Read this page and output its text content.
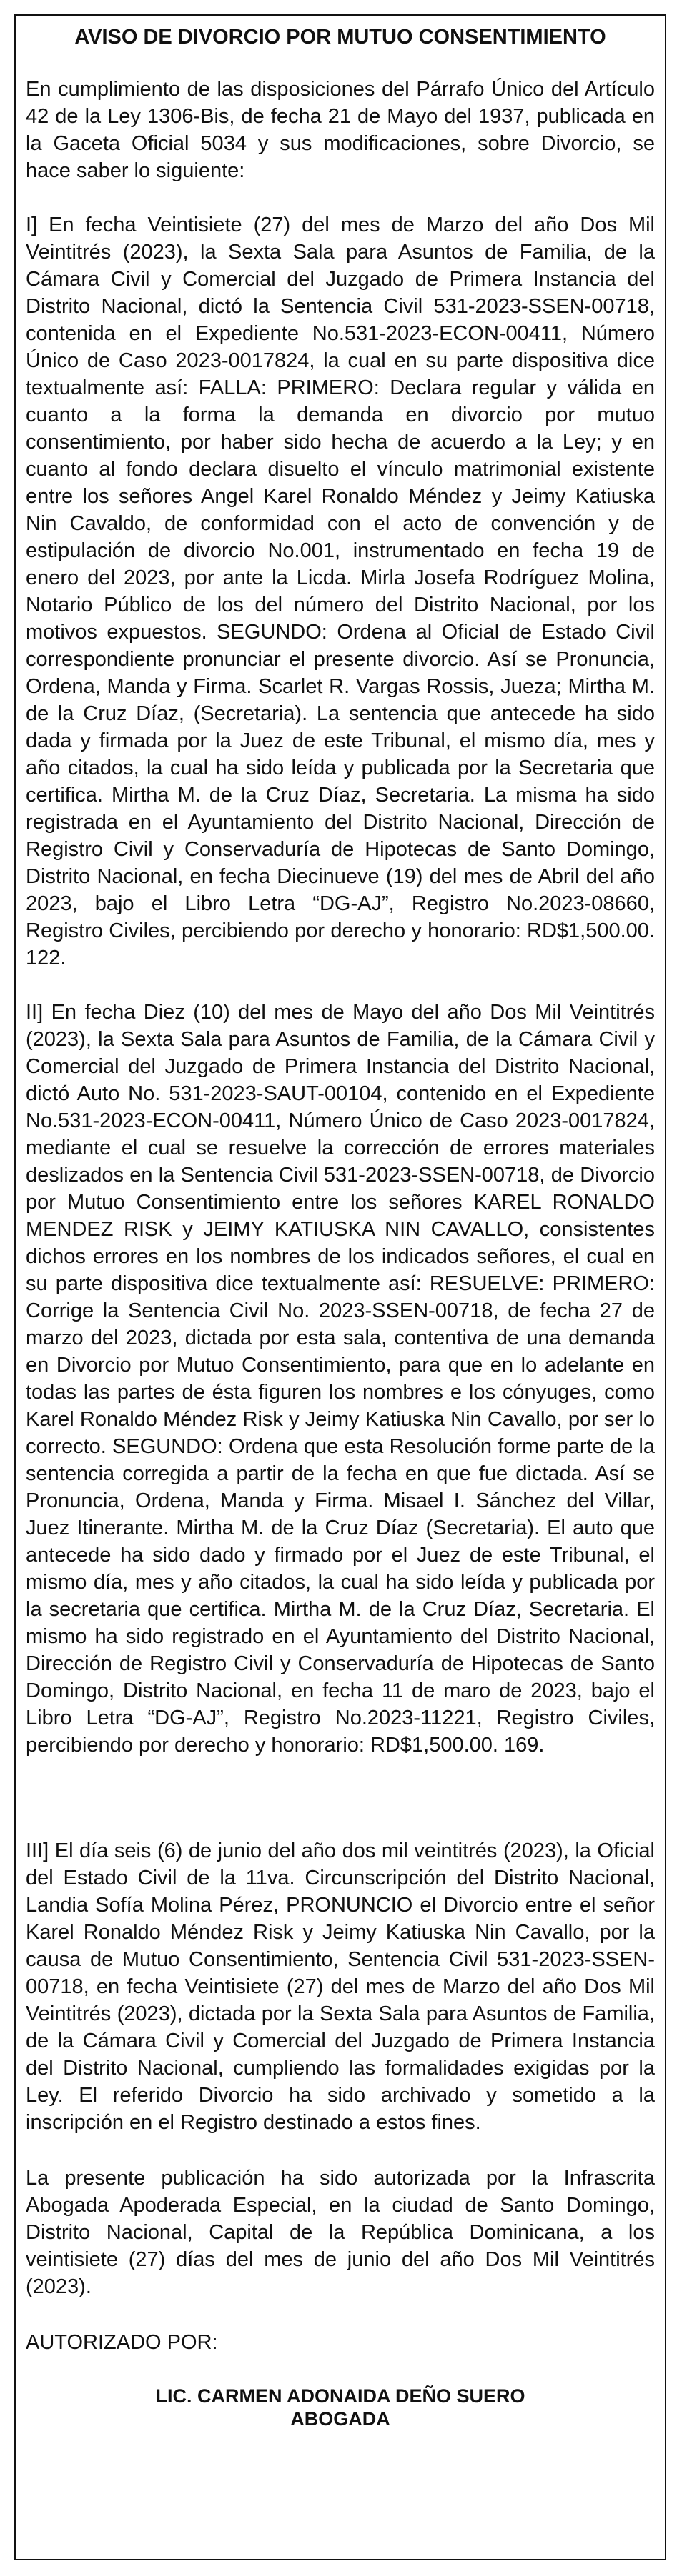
AVISO DE DIVORCIO POR MUTUO CONSENTIMIENTO

En cumplimiento de las disposiciones del Párrafo Único del Artículo 42 de la Ley 1306-Bis, de fecha 21 de Mayo del 1937, publicada en la Gaceta Oficial 5034 y sus modificaciones, sobre Divorcio, se hace saber lo siguiente:

I] En fecha Veintisiete (27) del mes de Marzo del año Dos Mil Veintitrés (2023), la Sexta Sala para Asuntos de Familia, de la Cámara Civil y Comercial del Juzgado de Primera Instancia del Distrito Nacional, dictó la Sentencia Civil 531-2023-SSEN-00718, contenida en el Expediente No.531-2023-ECON-00411, Número Único de Caso 2023-0017824, la cual en su parte dispositiva dice textualmente así: FALLA: PRIMERO: Declara regular y válida en cuanto a la forma la demanda en divorcio por mutuo consentimiento, por haber sido hecha de acuerdo a la Ley; y en cuanto al fondo declara disuelto el vínculo matrimonial existente entre los señores Angel Karel Ronaldo Méndez y Jeimy Katiuska Nin Cavaldo, de conformidad con el acto de convención y de estipulación de divorcio No.001, instrumentado en fecha 19 de enero del 2023, por ante la Licda. Mirla Josefa Rodríguez Molina, Notario Público de los del número del Distrito Nacional, por los motivos expuestos. SEGUNDO: Ordena al Oficial de Estado Civil correspondiente pronunciar el presente divorcio. Así se Pronuncia, Ordena, Manda y Firma. Scarlet R. Vargas Rossis, Jueza; Mirtha M. de la Cruz Díaz, (Secretaria). La sentencia que antecede ha sido dada y firmada por la Juez de este Tribunal, el mismo día, mes y año citados, la cual ha sido leída y publicada por la Secretaria que certifica. Mirtha M. de la Cruz Díaz, Secretaria. La misma ha sido registrada en el Ayuntamiento del Distrito Nacional, Dirección de Registro Civil y Conservaduría de Hipotecas de Santo Domingo, Distrito Nacional, en fecha Diecinueve (19) del mes de Abril del año 2023, bajo el Libro Letra “DG-AJ”, Registro No.2023-08660, Registro Civiles, percibiendo por derecho y honorario: RD$1,500.00. 122.

II] En fecha Diez (10) del mes de Mayo del año Dos Mil Veintitrés (2023), la Sexta Sala para Asuntos de Familia, de la Cámara Civil y Comercial del Juzgado de Primera Instancia del Distrito Nacional, dictó Auto No. 531-2023-SAUT-00104, contenido en el Expediente No.531-2023-ECON-00411, Número Único de Caso 2023-0017824, mediante el cual se resuelve la corrección de errores materiales deslizados en la Sentencia Civil 531-2023-SSEN-00718, de Divorcio por Mutuo Consentimiento entre los señores KAREL RONALDO MENDEZ RISK y JEIMY KATIUSKA NIN CAVALLO, consistentes dichos errores en los nombres de los indicados señores, el cual en su parte dispositiva dice textualmente así: RESUELVE: PRIMERO: Corrige la Sentencia Civil No. 2023-SSEN-00718, de fecha 27 de marzo del 2023, dictada por esta sala, contentiva de una demanda en Divorcio por Mutuo Consentimiento, para que en lo adelante en todas las partes de ésta figuren los nombres e los cónyuges, como Karel Ronaldo Méndez Risk y Jeimy Katiuska Nin Cavallo, por ser lo correcto. SEGUNDO: Ordena que esta Resolución forme parte de la sentencia corregida a partir de la fecha en que fue dictada. Así se Pronuncia, Ordena, Manda y Firma. Misael I. Sánchez del Villar, Juez Itinerante. Mirtha M. de la Cruz Díaz (Secretaria). El auto que antecede ha sido dado y firmado por el Juez de este Tribunal, el mismo día, mes y año citados, la cual ha sido leída y publicada por la secretaria que certifica. Mirtha M. de la Cruz Díaz, Secretaria. El mismo ha sido registrado en el Ayuntamiento del Distrito Nacional, Dirección de Registro Civil y Conservaduría de Hipotecas de Santo Domingo, Distrito Nacional, en fecha 11 de maro de 2023, bajo el Libro Letra “DG-AJ”, Registro No.2023-11221, Registro Civiles, percibiendo por derecho y honorario: RD$1,500.00. 169.

III] El día seis (6) de junio del año dos mil veintitrés (2023), la Oficial del Estado Civil de la 11va. Circunscripción del Distrito Nacional, Landia Sofía Molina Pérez, PRONUNCIO el Divorcio entre el señor Karel Ronaldo Méndez Risk y Jeimy Katiuska Nin Cavallo, por la causa de Mutuo Consentimiento, Sentencia Civil 531-2023-SSEN-00718, en fecha Veintisiete (27) del mes de Marzo del año Dos Mil Veintitrés (2023), dictada por la Sexta Sala para Asuntos de Familia, de la Cámara Civil y Comercial del Juzgado de Primera Instancia del Distrito Nacional, cumpliendo las formalidades exigidas por la Ley. El referido Divorcio ha sido archivado y sometido a la inscripción en el Registro destinado a estos fines.

La presente publicación ha sido autorizada por la Infrascrita Abogada Apoderada Especial, en la ciudad de Santo Domingo, Distrito Nacional, Capital de la República Dominicana, a los veintisiete (27) días del mes de junio del año Dos Mil Veintitrés (2023).

AUTORIZADO POR:

LIC. CARMEN ADONAIDA DEÑO SUERO
ABOGADA
